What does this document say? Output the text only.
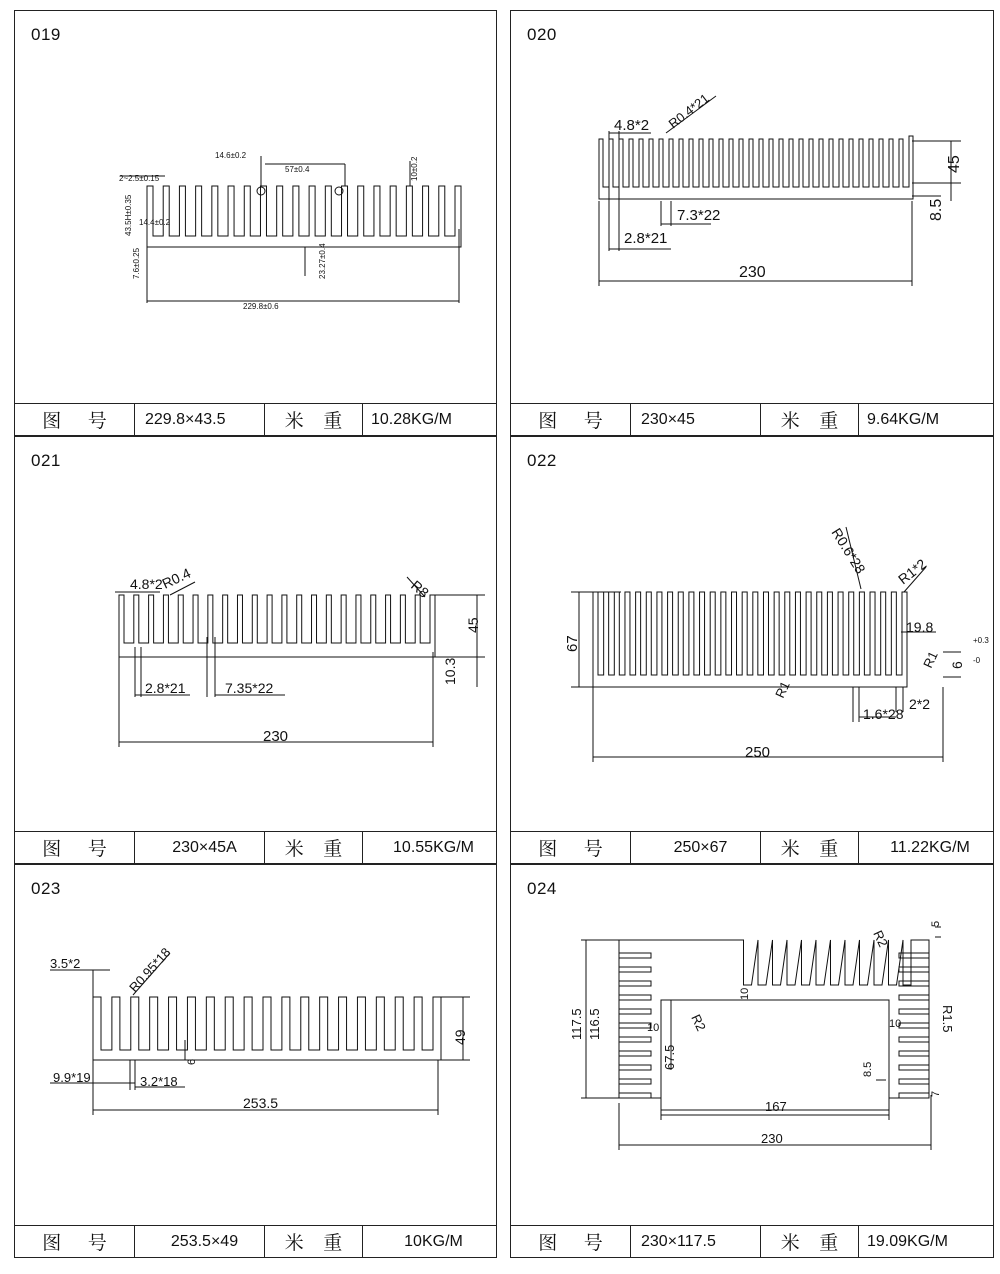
019
229.8±0.6
14.6±0.2
57±0.4	10±0.2
2~2.5±0.15
43.5H±0.35 14.4±0.2
7.6±0.25	23.27±0.4
图 号	229.8×43.5	米 重	10.28KG/M
020
230
45
8.5
4.8*2 R0.4*21
7.3*22
2.8*21
图 号	230×45	米 重	9.64KG/M
021
230
45
10.3
4.8*2
R0.4	R8
2.8*21	7.35*22
图 号	230×45A	米 重	10.55KG/M
022
250
67
R0.6*28 R1*2
19.8
R1 6
+0.3
-0
R1
1.6*28
2*2
图 号	250×67	米 重	11.22KG/M
023
253.5
49
3.5*2	R0.95*18
9.9*19	3.2*18
6
图 号	253.5×49	米 重	10KG/M
024
230
167
117.5 116.5
67.5
5
R2
R2
10
10	10	R1.5
8.5
7
图 号	230×117.5	米 重	19.09KG/M
